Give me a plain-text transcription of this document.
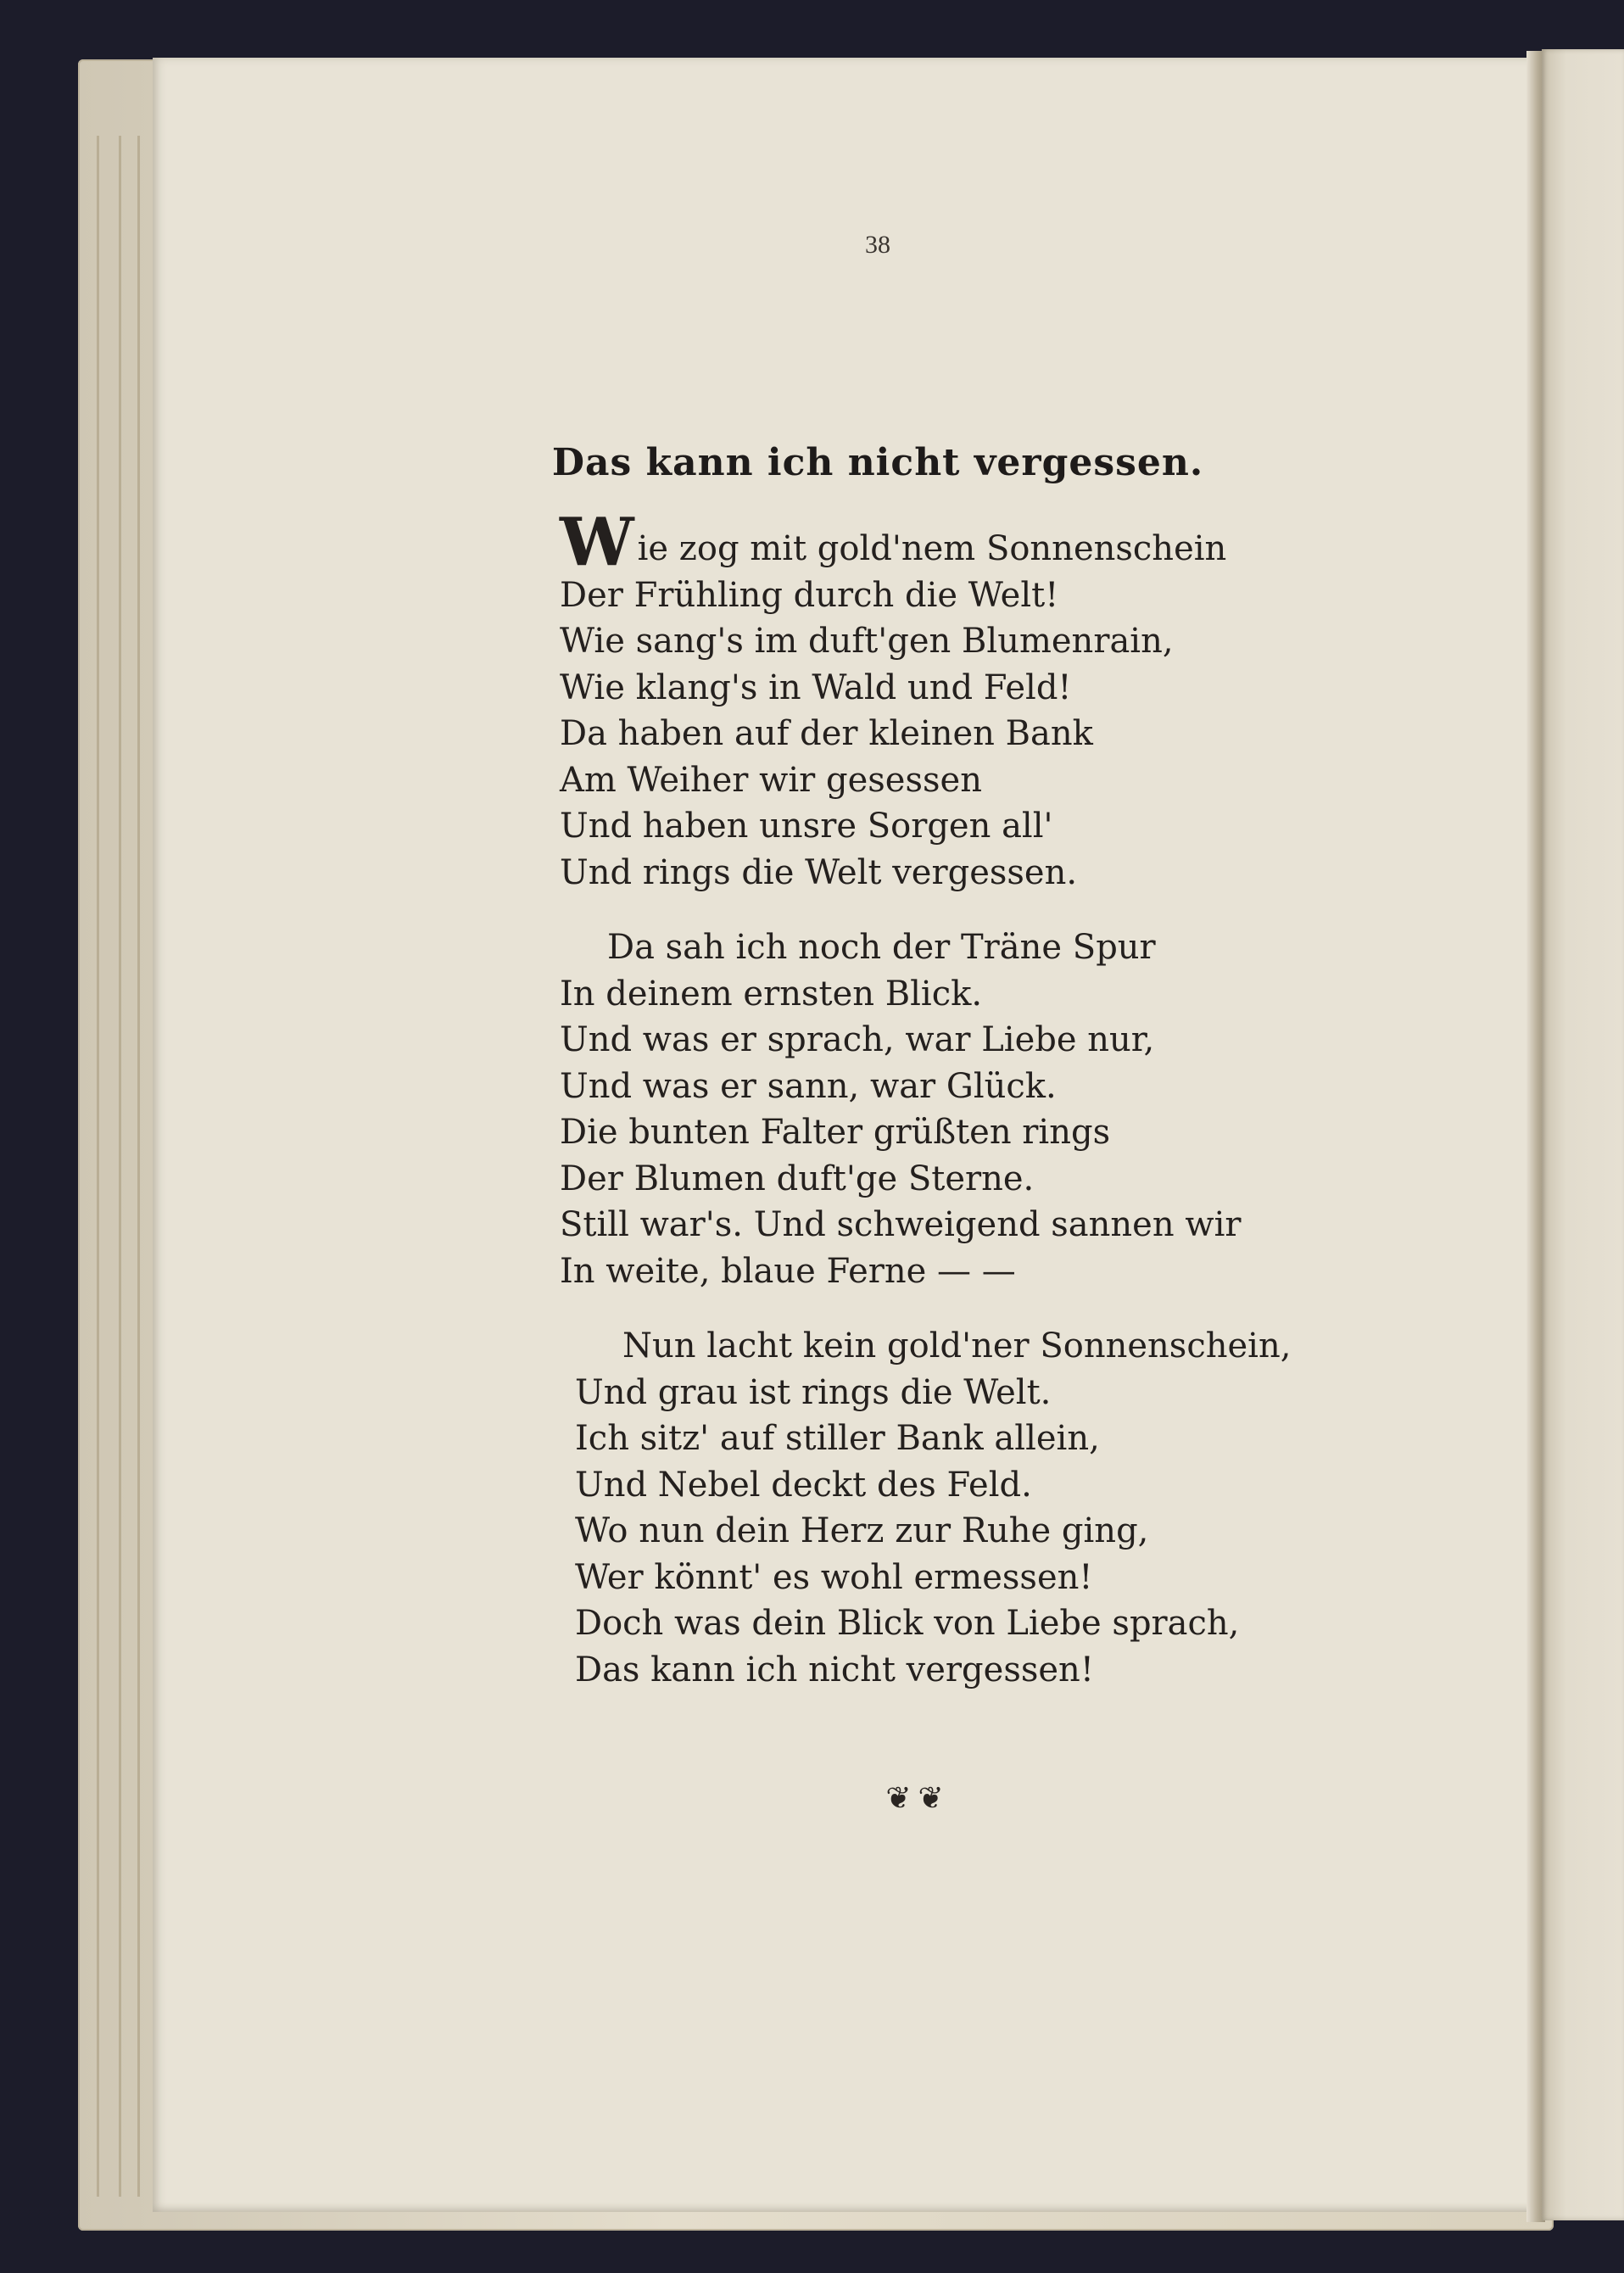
38
Das kann ich nicht vergessen.
Wie zog mit gold'nem Sonnenschein
Der Frühling durch die Welt!
Wie sang's im duft'gen Blumenrain,
Wie klang's in Wald und Feld!
Da haben auf der kleinen Bank
Am Weiher wir gesessen
Und haben unsre Sorgen all'
Und rings die Welt vergessen.
Da sah ich noch der Träne Spur
In deinem ernsten Blick.
Und was er sprach, war Liebe nur,
Und was er sann, war Glück.
Die bunten Falter grüßten rings
Der Blumen duft'ge Sterne.
Still war's. Und schweigend sannen wir
In weite, blaue Ferne — —
Nun lacht kein gold'ner Sonnenschein,
Und grau ist rings die Welt.
Ich sitz' auf stiller Bank allein,
Und Nebel deckt des Feld.
Wo nun dein Herz zur Ruhe ging,
Wer könnt' es wohl ermessen!
Doch was dein Blick von Liebe sprach,
Das kann ich nicht vergessen!
❦❦
